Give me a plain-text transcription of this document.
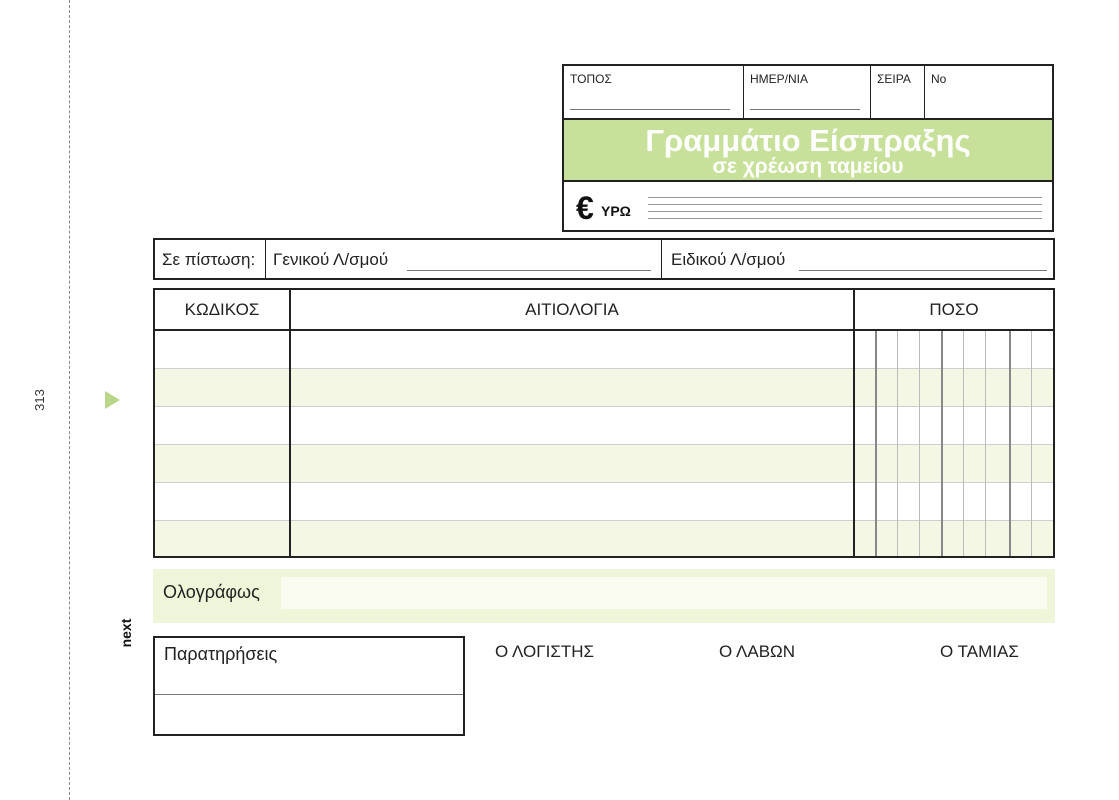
313
next
ΤΟΠΟΣ	ΗΜΕΡ/ΝΙΑ	ΣΕΙΡΑ	No
Γραμμάτιο Είσπραξης
σε χρέωση ταμείου
€ ΥΡΩ
Σε πίστωση: Γενικού Λ/σμού	Ειδικού Λ/σμού
ΚΩΔΙΚΟΣ	ΑΙΤΙΟΛΟΓΙΑ	ΠΟΣΟ
Ολογράφως
Παρατηρήσεις	Ο ΛΟΓΙΣΤΗΣ	Ο ΛΑΒΩΝ	Ο ΤΑΜΙΑΣ
